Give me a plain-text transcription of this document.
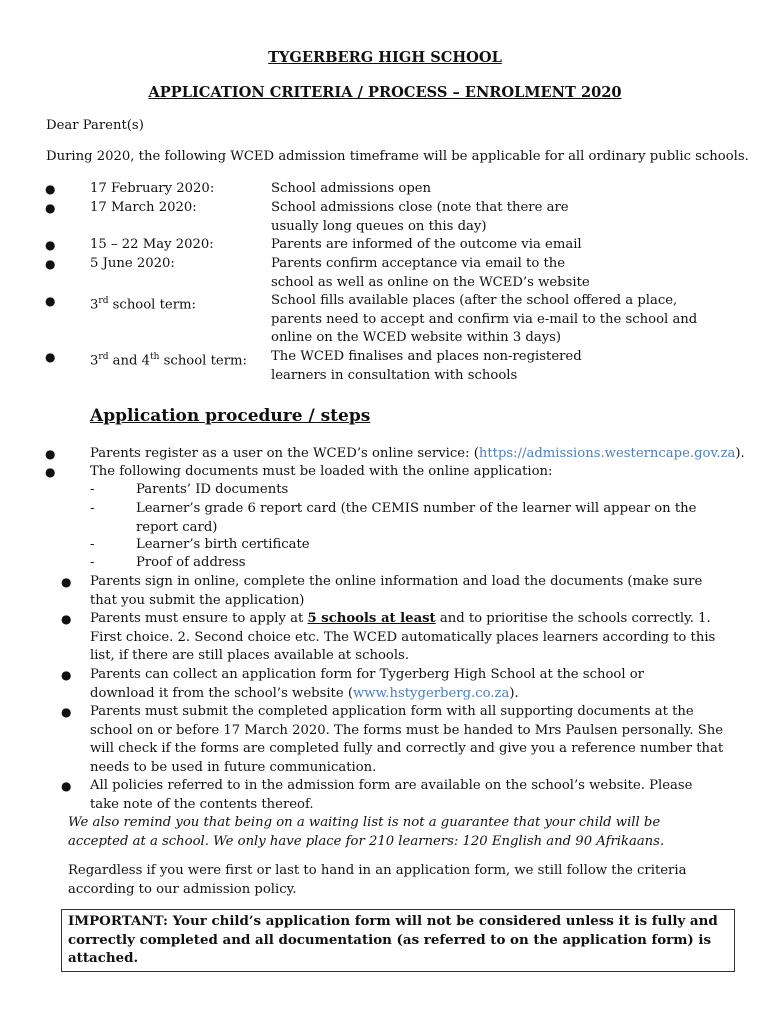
TYGERBERG HIGH SCHOOL
APPLICATION CRITERIA / PROCESS – ENROLMENT 2020
Dear Parent(s)
During 2020, the following WCED admission timeframe will be applicable for all ordinary public schools.
●	17 February 2020:	School admissions open
●	17 March 2020:	School admissions close (note that there are usually long queues on this day)
●	15 – 22 May 2020:	Parents are informed of the outcome via email
●	5 June 2020:	Parents confirm acceptance via email to the school as well as online on the WCED’s website
●	3rd school term:	School fills available places (after the school offered a place, parents need to accept and confirm via e-mail to the school and online on the WCED website within 3 days)
●	3rd and 4th school term: The WCED finalises and places non-registered learners in consultation with schools
Application procedure / steps
●	Parents register as a user on the WCED’s online service: (https://admissions.westerncape.gov.za).
●	The following documents must be loaded with the online application:
-	Parents’ ID documents
-	Learner’s grade 6 report card (the CEMIS number of the learner will appear on the report card)
-	Learner’s birth certificate
-	Proof of address
● Parents sign in online, complete the online information and load the documents (make sure that you submit the application)
● Parents must ensure to apply at 5 schools at least and to prioritise the schools correctly. 1. First choice. 2. Second choice etc. The WCED automatically places learners according to this list, if there are still places available at schools.
● Parents can collect an application form for Tygerberg High School at the school or download it from the school’s website (www.hstygerberg.co.za).
● Parents must submit the completed application form with all supporting documents at the school on or before 17 March 2020. The forms must be handed to Mrs Paulsen personally. She will check if the forms are completed fully and correctly and give you a reference number that needs to be used in future communication.
● All policies referred to in the admission form are available on the school’s website. Please take note of the contents thereof.
We also remind you that being on a waiting list is not a guarantee that your child will be accepted at a school. We only have place for 210 learners: 120 English and 90 Afrikaans.
Regardless if you were first or last to hand in an application form, we still follow the criteria according to our admission policy.
IMPORTANT: Your child’s application form will not be considered unless it is fully and correctly completed and all documentation (as referred to on the application form) is attached.
